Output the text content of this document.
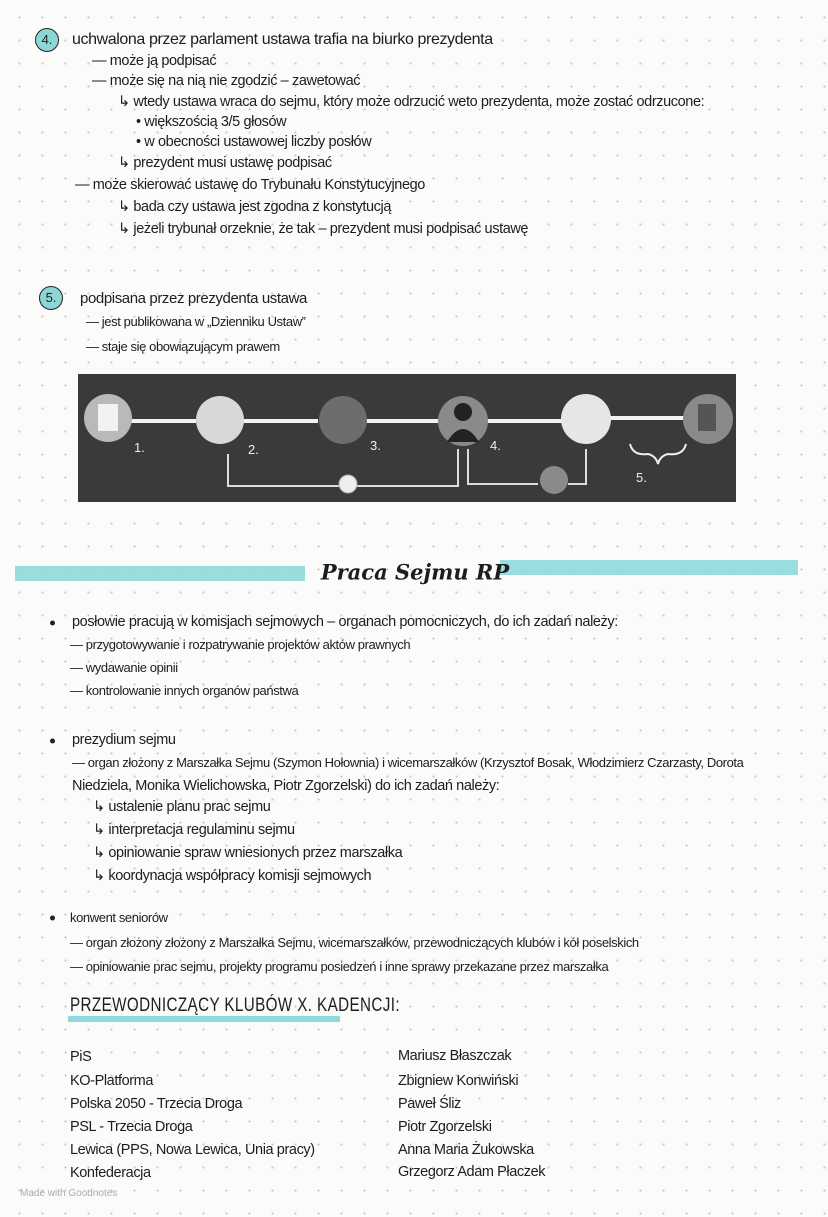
4.	uchwalona przez parlament ustawa trafia na biurko prezydenta
— może ją podpisać
— może się na nią nie zgodzić – zawetować
↳ wtedy ustawa wraca do sejmu, który może odrzucić weto prezydenta, może zostać odrzucone:
• większością 3/5 głosów
• w obecności ustawowej liczby posłów
↳ prezydent musi ustawę podpisać
— może skierować ustawę do Trybunału Konstytucyjnego
↳ bada czy ustawa jest zgodna z konstytucją
↳ jeżeli trybunał orzeknie, że tak – prezydent musi podpisać ustawę
5.	podpisana przez prezydenta ustawa
— jest publikowana w „Dzienniku Ustaw”
— staje się obowiązującym prawem
1.	2.	3.	4.
5.
Praca Sejmu RP
posłowie pracują w komisjach sejmowych – organach pomocniczych, do ich zadań należy:
— przygotowywanie i rozpatrywanie projektów aktów prawnych
— wydawanie opinii
— kontrolowanie innych organów państwa
prezydium sejmu
— organ złożony z Marszałka Sejmu (Szymon Hołownia) i wicemarszałków (Krzysztof Bosak, Włodzimierz Czarzasty, Dorota
Niedziela, Monika Wielichowska, Piotr Zgorzelski) do ich zadań należy:
↳ ustalenie planu prac sejmu
↳ interpretacja regulaminu sejmu
↳ opiniowanie spraw wniesionych przez marszałka
↳ koordynacja współpracy komisji sejmowych
konwent seniorów
— organ złożony złożony z Marszałka Sejmu, wicemarszałków, przewodniczących klubów i kół poselskich
— opiniowanie prac sejmu, projekty programu posiedzeń i inne sprawy przekazane przez marszałka
PRZEWODNICZĄCY KLUBÓW X. KADENCJI:
PiS	Mariusz Błaszczak
KO-Platforma	Zbigniew Konwiński
Polska 2050 - Trzecia Droga	Paweł Śliz
PSL - Trzecia Droga	Piotr Zgorzelski
Lewica (PPS, Nowa Lewica, Unia pracy)	Anna Maria Żukowska
Konfederacja	Grzegorz Adam Płaczek
Made with Goodnotes
